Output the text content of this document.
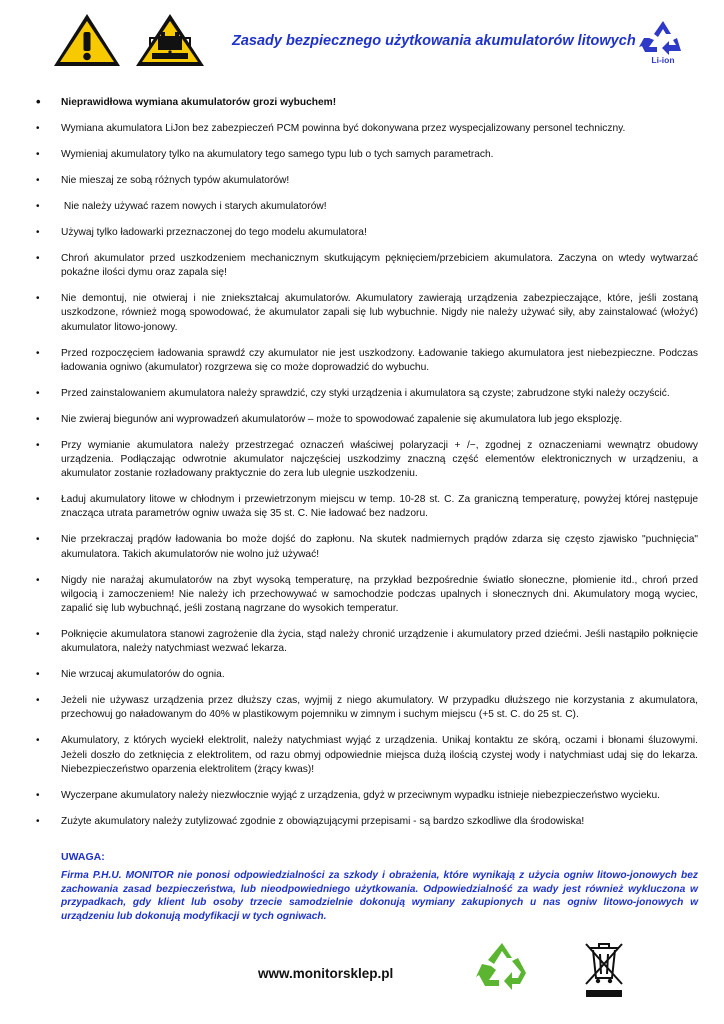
Zasady bezpiecznego użytkowania akumulatorów litowych
Li-ion
• Nieprawidłowa wymiana akumulatorów grozi wybuchem!
• Wymiana akumulatora LiJon bez zabezpieczeń PCM powinna być dokonywana przez wyspecjalizowany personel techniczny.
• Wymieniaj akumulatory tylko na akumulatory tego samego typu lub o tych samych parametrach.
• Nie mieszaj ze sobą różnych typów akumulatorów!
• Nie należy używać razem nowych i starych akumulatorów!
• Używaj tylko ładowarki przeznaczonej do tego modelu akumulatora!
• Chroń akumulator przed uszkodzeniem mechanicznym skutkującym pęknięciem/przebiciem akumulatora. Zaczyna on wtedy wytwarzać pokaźne ilości dymu oraz zapala się!
• Nie demontuj, nie otwieraj i nie zniekształcaj akumulatorów. Akumulatory zawierają urządzenia zabezpieczające, które, jeśli zostaną uszkodzone, również mogą spowodować, że akumulator zapali się lub wybuchnie. Nigdy nie należy używać siły, aby zainstalować (włożyć) akumulator litowo-jonowy.
• Przed rozpoczęciem ładowania sprawdź czy akumulator nie jest uszkodzony. Ładowanie takiego akumulatora jest niebezpieczne. Podczas ładowania ogniwo (akumulator) rozgrzewa się co może doprowadzić do wybuchu.
• Przed zainstalowaniem akumulatora należy sprawdzić, czy styki urządzenia i akumulatora są czyste; zabrudzone styki należy oczyścić.
• Nie zwieraj biegunów ani wyprowadzeń akumulatorów – może to spowodować zapalenie się akumulatora lub jego eksplozję.
• Przy wymianie akumulatora należy przestrzegać oznaczeń właściwej polaryzacji + /−, zgodnej z oznaczeniami wewnątrz obudowy urządzenia. Podłączając odwrotnie akumulator najczęściej uszkodzimy znaczną część elementów elektronicznych w urządzeniu, a akumulator zostanie rozładowany praktycznie do zera lub ulegnie uszkodzeniu.
• Ładuj akumulatory litowe w chłodnym i przewietrzonym miejscu w temp. 10-28 st. C. Za graniczną temperaturę, powyżej której następuje znacząca utrata parametrów ogniw uważa się 35 st. C. Nie ładować bez nadzoru.
• Nie przekraczaj prądów ładowania bo może dojść do zapłonu. Na skutek nadmiernych prądów zdarza się często zjawisko "puchnięcia" akumulatora. Takich akumulatorów nie wolno już używać!
• Nigdy nie narażaj akumulatorów na zbyt wysoką temperaturę, na przykład bezpośrednie światło słoneczne, płomienie itd., chroń przed wilgocią i zamoczeniem! Nie należy ich przechowywać w samochodzie podczas upalnych i słonecznych dni. Akumulatory mogą wyciec, zapalić się lub wybuchnąć, jeśli zostaną nagrzane do wysokich temperatur.
• Połknięcie akumulatora stanowi zagrożenie dla życia, stąd należy chronić urządzenie i akumulatory przed dziećmi. Jeśli nastąpiło połknięcie akumulatora, należy natychmiast wezwać lekarza.
• Nie wrzucaj akumulatorów do ognia.
• Jeżeli nie używasz urządzenia przez dłuższy czas, wyjmij z niego akumulatory. W przypadku dłuższego nie korzystania z akumulatora, przechowuj go naładowanym do 40% w plastikowym pojemniku w zimnym i suchym miejscu (+5 st. C. do 25 st. C).
• Akumulatory, z których wyciekł elektrolit, należy natychmiast wyjąć z urządzenia. Unikaj kontaktu ze skórą, oczami i błonami śluzowymi. Jeżeli doszło do zetknięcia z elektrolitem, od razu obmyj odpowiednie miejsca dużą ilością czystej wody i natychmiast udaj się do lekarza. Niebezpieczeństwo oparzenia elektrolitem (żrący kwas)!
• Wyczerpane akumulatory należy niezwłocznie wyjąć z urządzenia, gdyż w przeciwnym wypadku istnieje niebezpieczeństwo wycieku.
• Zużyte akumulatory należy zutylizować zgodnie z obowiązującymi przepisami - są bardzo szkodliwe dla środowiska!
UWAGA:
Firma P.H.U. MONITOR nie ponosi odpowiedzialności za szkody i obrażenia, które wynikają z użycia ogniw litowo-jonowych bez zachowania zasad bezpieczeństwa, lub nieodpowiedniego użytkowania. Odpowiedzialność za wady jest również wykluczona w przypadkach, gdy klient lub osoby trzecie samodzielnie dokonują wymiany zakupionych u nas ogniw litowo-jonowych w urządzeniu lub dokonują modyfikacji w tych ogniwach.
www.monitorsklep.pl
